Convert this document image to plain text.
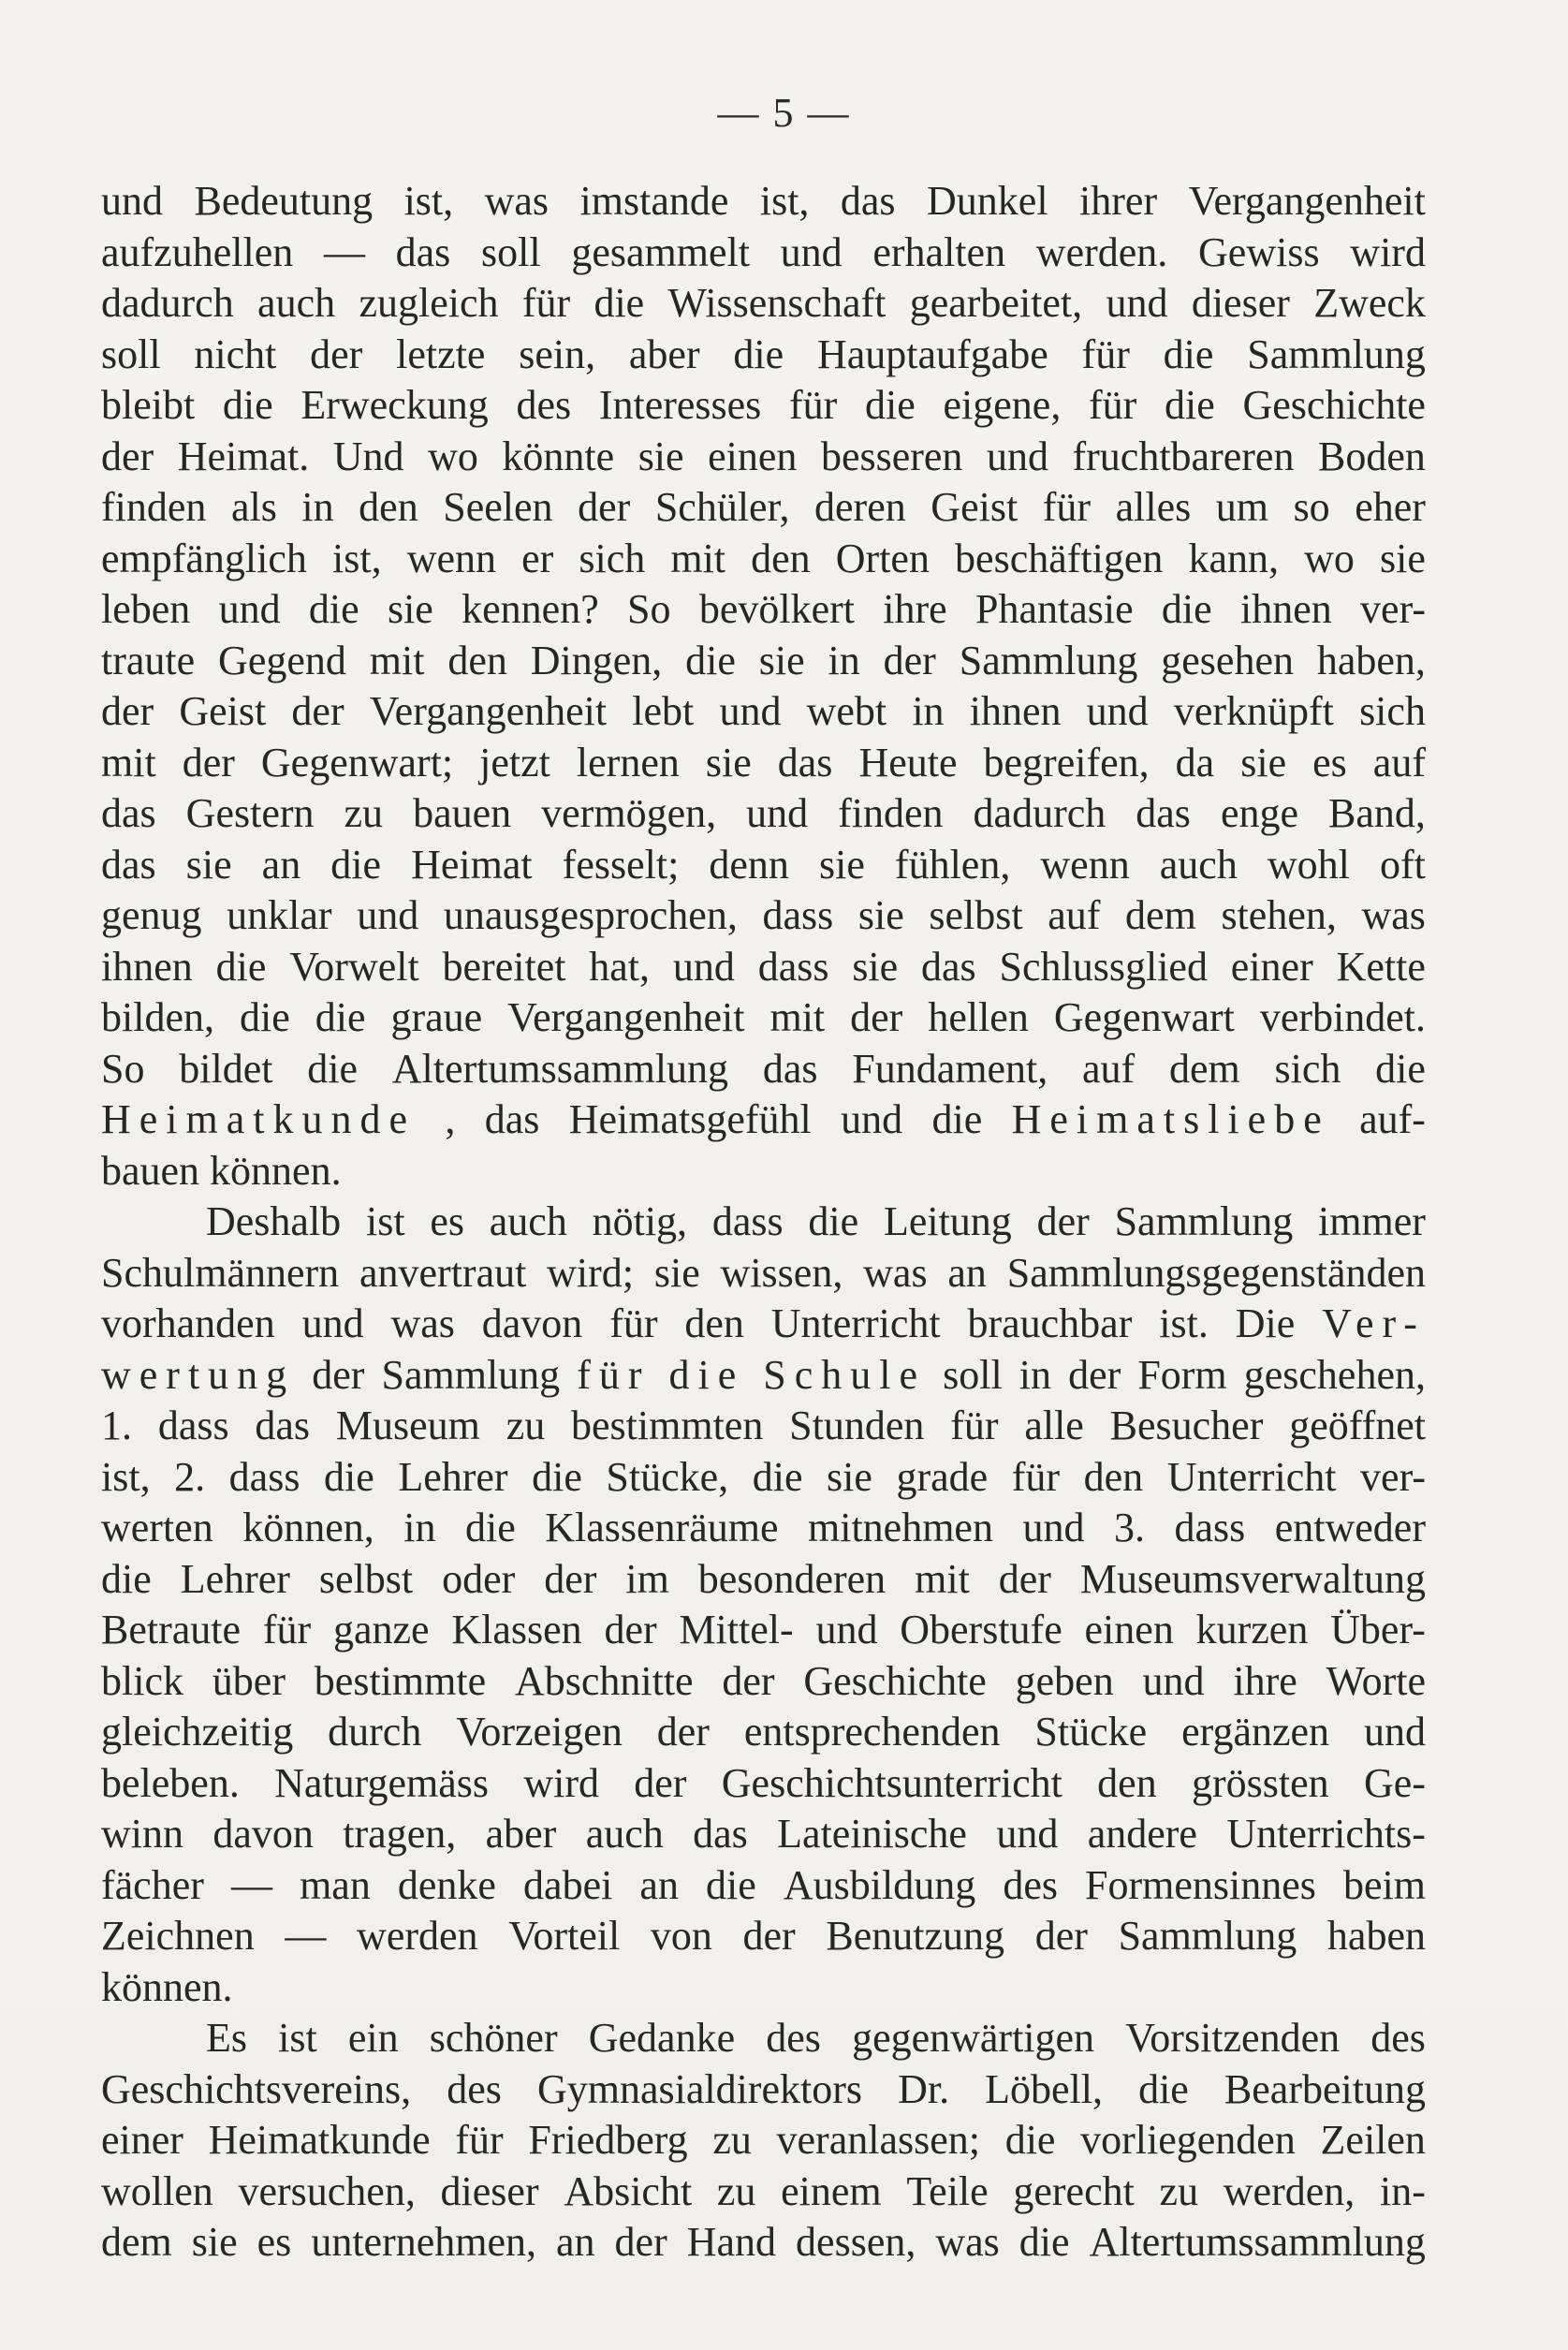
— 5 —
und Bedeutung ist, was imstande ist, das Dunkel ihrer Vergangenheit
aufzuhellen — das soll gesammelt und erhalten werden. Gewiss wird
dadurch auch zugleich für die Wissenschaft gearbeitet, und dieser Zweck
soll nicht der letzte sein, aber die Hauptaufgabe für die Sammlung
bleibt die Erweckung des Interesses für die eigene, für die Geschichte
der Heimat. Und wo könnte sie einen besseren und fruchtbareren Boden
finden als in den Seelen der Schüler, deren Geist für alles um so eher
empfänglich ist, wenn er sich mit den Orten beschäftigen kann, wo sie
leben und die sie kennen? So bevölkert ihre Phantasie die ihnen ver-
traute Gegend mit den Dingen, die sie in der Sammlung gesehen haben,
der Geist der Vergangenheit lebt und webt in ihnen und verknüpft sich
mit der Gegenwart; jetzt lernen sie das Heute begreifen, da sie es auf
das Gestern zu bauen vermögen, und finden dadurch das enge Band,
das sie an die Heimat fesselt; denn sie fühlen, wenn auch wohl oft
genug unklar und unausgesprochen, dass sie selbst auf dem stehen, was
ihnen die Vorwelt bereitet hat, und dass sie das Schlussglied einer Kette
bilden, die die graue Vergangenheit mit der hellen Gegenwart verbindet.
So bildet die Altertumssammlung das Fundament, auf dem sich die
Heimatkunde , das Heimatsgefühl und die Heimatsliebe auf-
bauen können.
Deshalb ist es auch nötig, dass die Leitung der Sammlung immer
Schulmännern anvertraut wird; sie wissen, was an Sammlungsgegenständen
vorhanden und was davon für den Unterricht brauchbar ist. Die Ver-
wertung der Sammlung für die Schule soll in der Form geschehen,
1. dass das Museum zu bestimmten Stunden für alle Besucher geöffnet
ist, 2. dass die Lehrer die Stücke, die sie grade für den Unterricht ver-
werten können, in die Klassenräume mitnehmen und 3. dass entweder
die Lehrer selbst oder der im besonderen mit der Museumsverwaltung
Betraute für ganze Klassen der Mittel- und Oberstufe einen kurzen Über-
blick über bestimmte Abschnitte der Geschichte geben und ihre Worte
gleichzeitig durch Vorzeigen der entsprechenden Stücke ergänzen und
beleben. Naturgemäss wird der Geschichtsunterricht den grössten Ge-
winn davon tragen, aber auch das Lateinische und andere Unterrichts-
fächer — man denke dabei an die Ausbildung des Formensinnes beim
Zeichnen — werden Vorteil von der Benutzung der Sammlung haben
können.
Es ist ein schöner Gedanke des gegenwärtigen Vorsitzenden des
Geschichtsvereins, des Gymnasialdirektors Dr. Löbell, die Bearbeitung
einer Heimatkunde für Friedberg zu veranlassen; die vorliegenden Zeilen
wollen versuchen, dieser Absicht zu einem Teile gerecht zu werden, in-
dem sie es unternehmen, an der Hand dessen, was die Altertumssammlung
